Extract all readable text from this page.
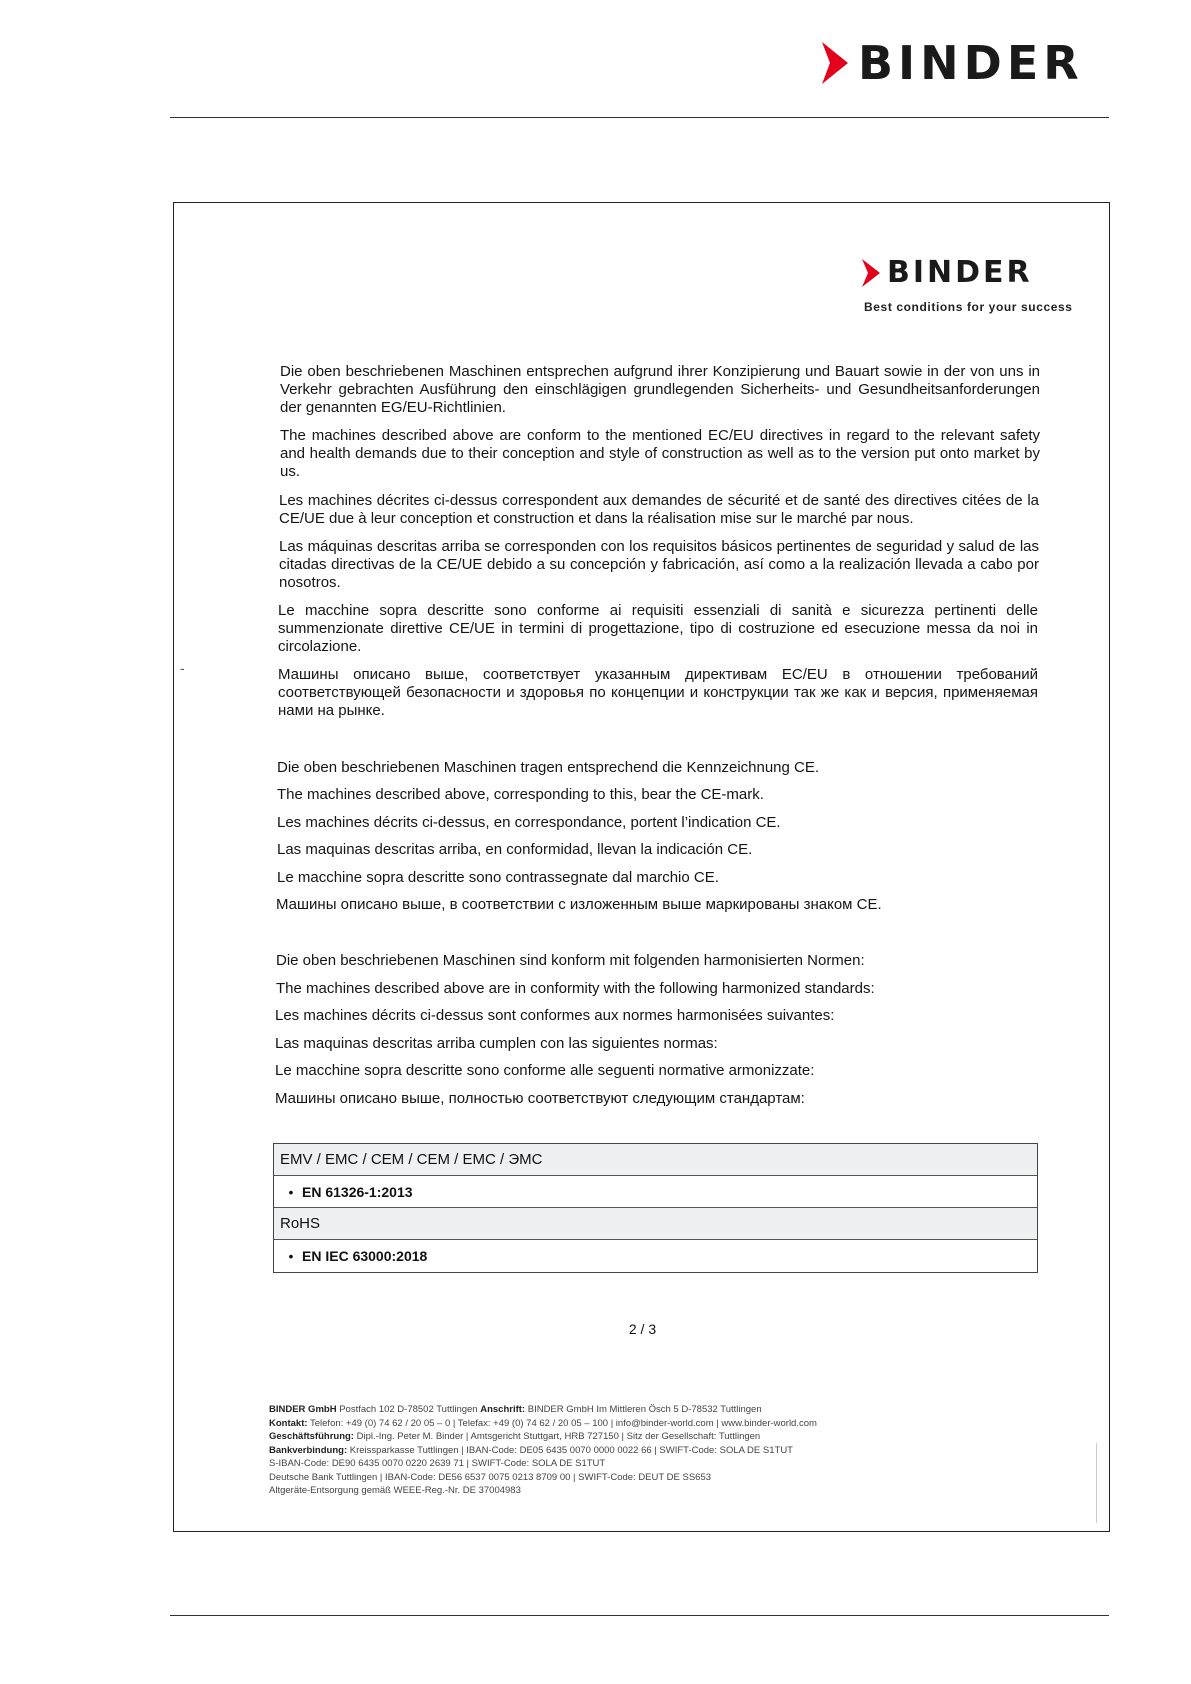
BINDER
BINDER
Best conditions for your success
-
Die oben beschriebenen Maschinen entsprechen aufgrund ihrer Konzipierung und Bauart sowie in der von uns in Verkehr gebrachten Ausführung den einschlägigen grundlegenden Sicherheits- und Gesundheitsanforderungen der genannten EG/EU-Richtlinien.
The machines described above are conform to the mentioned EC/EU directives in regard to the relevant safety and health demands due to their conception and style of construction as well as to the version put onto market by us.
Les machines décrites ci-dessus correspondent aux demandes de sécurité et de santé des directives citées de la CE/UE due à leur conception et construction et dans la réalisation mise sur le marché par nous.
Las máquinas descritas arriba se corresponden con los requisitos básicos pertinentes de seguridad y salud de las citadas directivas de la CE/UE debido a su concepción y fabricación, así como a la realización llevada a cabo por nosotros.
Le macchine sopra descritte sono conforme ai requisiti essenziali di sanità e sicurezza pertinenti delle summenzionate direttive CE/UE in termini di progettazione, tipo di costruzione ed esecuzione messa da noi in circolazione.
Машины описано выше, соответствует указанным директивам EC/EU в отношении требований соответствующей безопасности и здоровья по концепции и конструкции так же как и версия, применяемая нами на рынке.
Die oben beschriebenen Maschinen tragen entsprechend die Kennzeichnung CE.
The machines described above, corresponding to this, bear the CE-mark.
Les machines décrits ci-dessus, en correspondance, portent l’indication CE.
Las maquinas descritas arriba, en conformidad, llevan la indicación CE.
Le macchine sopra descritte sono contrassegnate dal marchio CE.
Машины описано выше, в соответствии с изложенным выше маркированы знаком CE.
Die oben beschriebenen Maschinen sind konform mit folgenden harmonisierten Normen:
The machines described above are in conformity with the following harmonized standards:
Les machines décrits ci-dessus sont conformes aux normes harmonisées suivantes:
Las maquinas descritas arriba cumplen con las siguientes normas:
Le macchine sopra descritte sono conforme alle seguenti normative armonizzate:
Машины описано выше, полностью соответствуют следующим стандартам:
EMV / EMC / CEM / CEM / EMC / ЭМС
• EN 61326-1:2013
RoHS
• EN IEC 63000:2018
2 / 3
BINDER GmbH Postfach 102 D-78502 Tuttlingen Anschrift: BINDER GmbH Im Mittleren Ösch 5 D-78532 Tuttlingen
Kontakt: Telefon: +49 (0) 74 62 / 20 05 – 0 | Telefax: +49 (0) 74 62 / 20 05 – 100 | info@binder-world.com | www.binder-world.com
Geschäftsführung: Dipl.-Ing. Peter M. Binder | Amtsgericht Stuttgart, HRB 727150 | Sitz der Gesellschaft: Tuttlingen
Bankverbindung: Kreissparkasse Tuttlingen | IBAN-Code: DE05 6435 0070 0000 0022 66 | SWIFT-Code: SOLA DE S1TUT
S-IBAN-Code: DE90 6435 0070 0220 2639 71 | SWIFT-Code: SOLA DE S1TUT
Deutsche Bank Tuttlingen | IBAN-Code: DE56 6537 0075 0213 8709 00 | SWIFT-Code: DEUT DE SS653
Altgeräte-Entsorgung gemäß WEEE-Reg.-Nr. DE 37004983
